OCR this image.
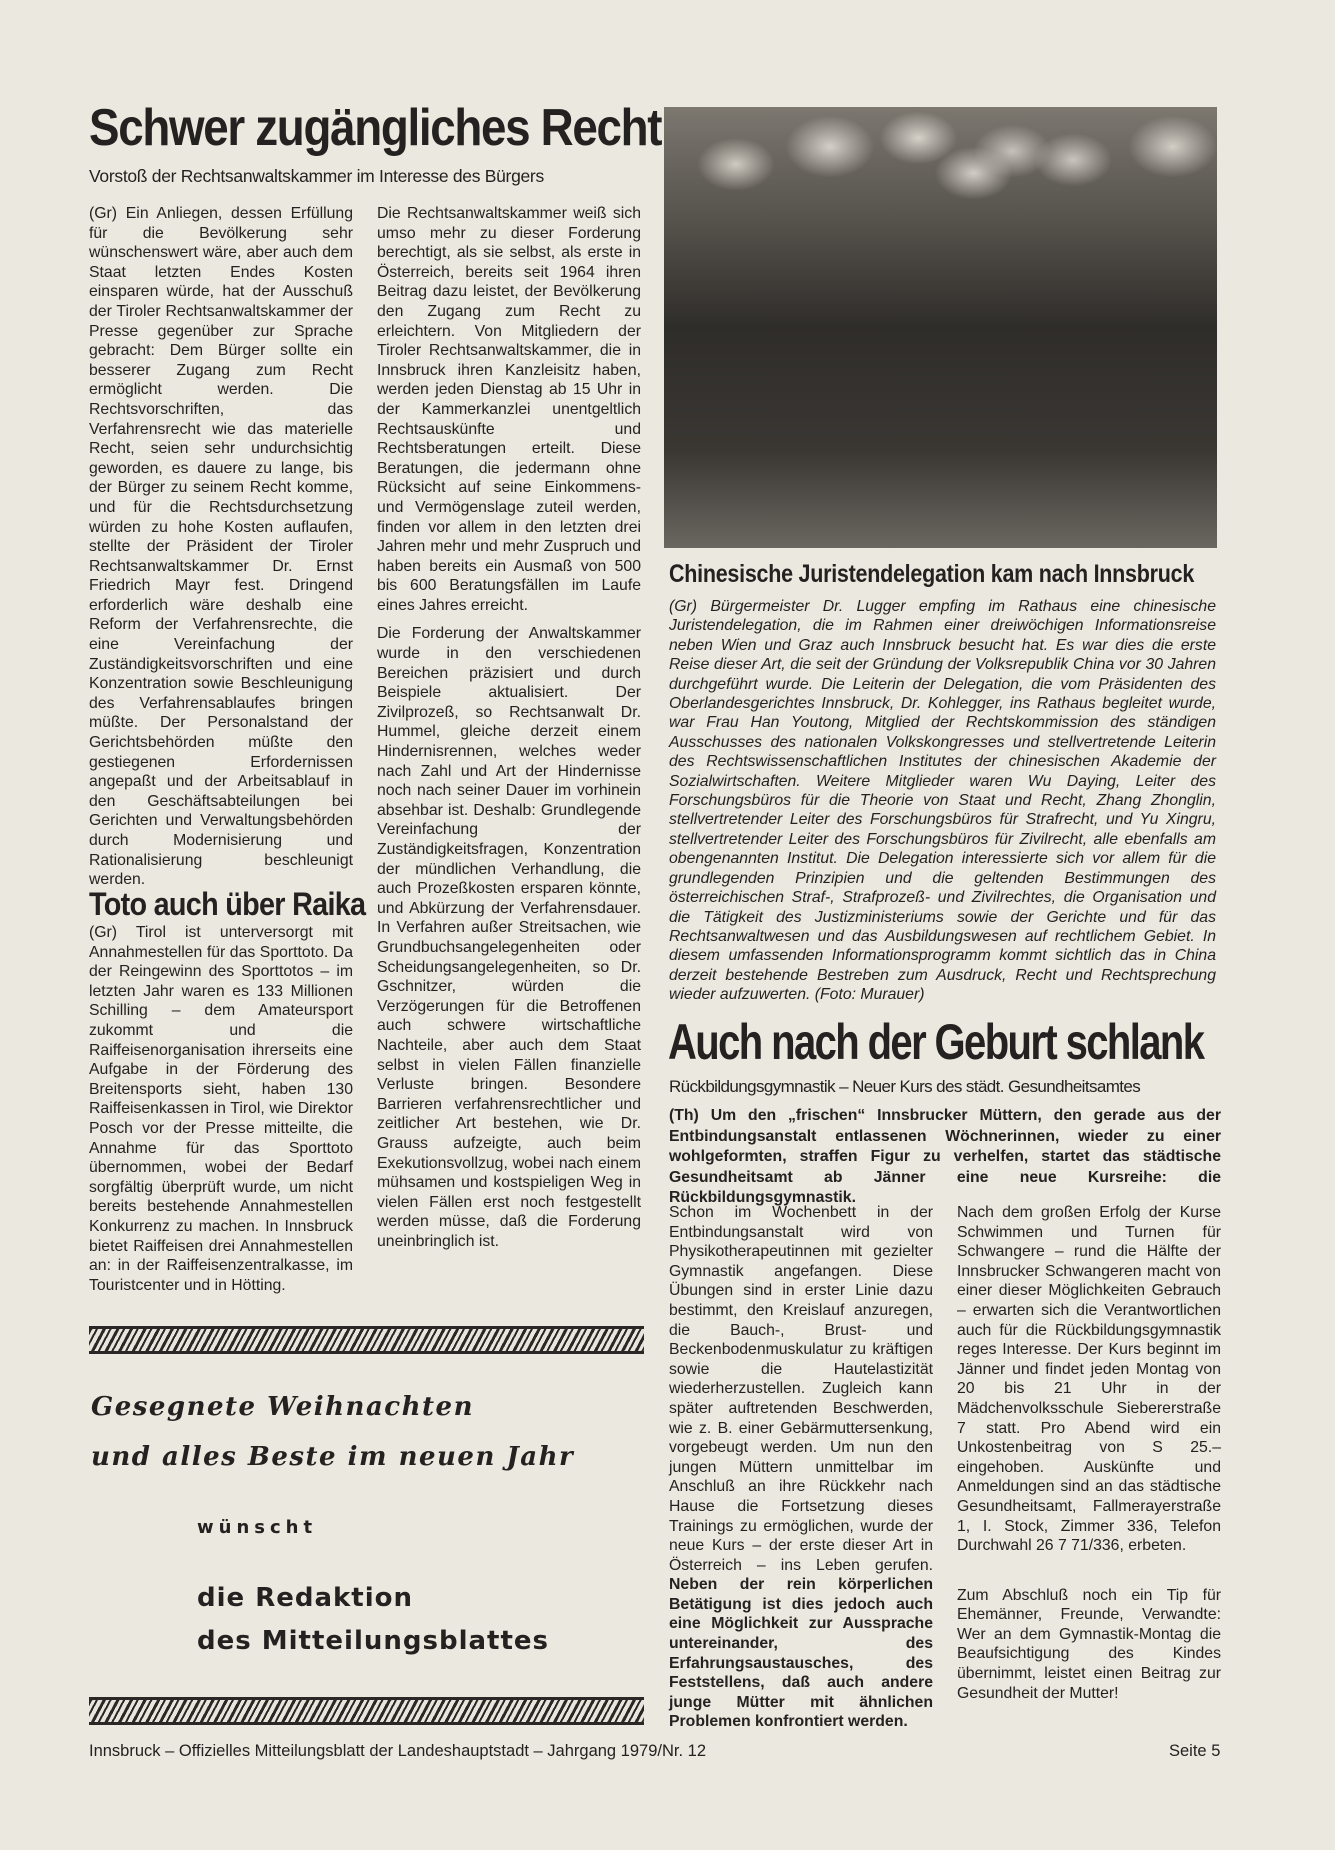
Schwer zugängliches Recht
Vorstoß der Rechtsanwaltskammer im Interesse des Bürgers

(Gr) Ein Anliegen, dessen Erfüllung für die Bevölkerung sehr wünschenswert wäre, aber auch dem Staat letzten Endes Kosten einsparen würde, hat der Ausschuß der Tiroler Rechtsanwaltskammer der Presse gegenüber zur Sprache gebracht: Dem Bürger sollte ein besserer Zugang zum Recht ermöglicht werden. Die Rechtsvorschriften, das Verfahrensrecht wie das materielle Recht, seien sehr undurchsichtig geworden, es dauere zu lange, bis der Bürger zu seinem Recht komme, und für die Rechtsdurchsetzung würden zu hohe Kosten auflaufen, stellte der Präsident der Tiroler Rechtsanwaltskammer Dr. Ernst Friedrich Mayr fest. Dringend erforderlich wäre deshalb eine Reform der Verfahrensrechte, die eine Vereinfachung der Zuständigkeitsvorschriften und eine Konzentration sowie Beschleunigung des Verfahrensablaufes bringen müßte. Der Personalstand der Gerichtsbehörden müßte den gestiegenen Erfordernissen angepaßt und der Arbeitsablauf in den Geschäftsabteilungen bei Gerichten und Verwaltungsbehörden durch Modernisierung und Rationalisierung beschleunigt werden.

Die Rechtsanwaltskammer weiß sich umso mehr zu dieser Forderung berechtigt, als sie selbst, als erste in Österreich, bereits seit 1964 ihren Beitrag dazu leistet, der Bevölkerung den Zugang zum Recht zu erleichtern. Von Mitgliedern der Tiroler Rechtsanwaltskammer, die in Innsbruck ihren Kanzleisitz haben, werden jeden Dienstag ab 15 Uhr in der Kammerkanzlei unentgeltlich Rechtsauskünfte und Rechtsberatungen erteilt. Diese Beratungen, die jedermann ohne Rücksicht auf seine Einkommens- und Vermögenslage zuteil werden, finden vor allem in den letzten drei Jahren mehr und mehr Zuspruch und haben bereits ein Ausmaß von 500 bis 600 Beratungsfällen im Laufe eines Jahres erreicht.

Die Forderung der Anwaltskammer wurde in den verschiedenen Bereichen präzisiert und durch Beispiele aktualisiert. Der Zivilprozeß, so Rechtsanwalt Dr. Hummel, gleiche derzeit einem Hindernisrennen, welches weder nach Zahl und Art der Hindernisse noch nach seiner Dauer im vorhinein absehbar ist. Deshalb: Grundlegende Vereinfachung der Zuständigkeitsfragen, Konzentration der mündlichen Verhandlung, die auch Prozeßkosten ersparen könnte, und Abkürzung der Verfahrensdauer. In Verfahren außer Streitsachen, wie Grundbuchsangelegenheiten oder Scheidungsangelegenheiten, so Dr. Gschnitzer, würden die Verzögerungen für die Betroffenen auch schwere wirtschaftliche Nachteile, aber auch dem Staat selbst in vielen Fällen finanzielle Verluste bringen. Besondere Barrieren verfahrensrechtlicher und zeitlicher Art bestehen, wie Dr. Grauss aufzeigte, auch beim Exekutionsvollzug, wobei nach einem mühsamen und kostspieligen Weg in vielen Fällen erst noch festgestellt werden müsse, daß die Forderung uneinbringlich ist.

Toto auch über Raika

(Gr) Tirol ist unterversorgt mit Annahmestellen für das Sporttoto. Da der Reingewinn des Sporttotos – im letzten Jahr waren es 133 Millionen Schilling – dem Amateursport zukommt und die Raiffeisenorganisation ihrerseits eine Aufgabe in der Förderung des Breitensports sieht, haben 130 Raiffeisenkassen in Tirol, wie Direktor Posch vor der Presse mitteilte, die Annahme für das Sporttoto übernommen, wobei der Bedarf sorgfältig überprüft wurde, um nicht bereits bestehende Annahmestellen Konkurrenz zu machen. In Innsbruck bietet Raiffeisen drei Annahmestellen an: in der Raiffeisenzentralkasse, im Touristcenter und in Hötting.

Chinesische Juristendelegation kam nach Innsbruck
(Gr) Bürgermeister Dr. Lugger empfing im Rathaus eine chinesische Juristendelegation, die im Rahmen einer dreiwöchigen Informationsreise neben Wien und Graz auch Innsbruck besucht hat. Es war dies die erste Reise dieser Art, die seit der Gründung der Volksrepublik China vor 30 Jahren durchgeführt wurde. Die Leiterin der Delegation, die vom Präsidenten des Oberlandesgerichtes Innsbruck, Dr. Kohlegger, ins Rathaus begleitet wurde, war Frau Han Youtong, Mitglied der Rechtskommission des ständigen Ausschusses des nationalen Volkskongresses und stellvertretende Leiterin des Rechtswissenschaftlichen Institutes der chinesischen Akademie der Sozialwirtschaften. Weitere Mitglieder waren Wu Daying, Leiter des Forschungsbüros für die Theorie von Staat und Recht, Zhang Zhonglin, stellvertretender Leiter des Forschungsbüros für Strafrecht, und Yu Xingru, stellvertretender Leiter des Forschungsbüros für Zivilrecht, alle ebenfalls am obengenannten Institut. Die Delegation interessierte sich vor allem für die grundlegenden Prinzipien und die geltenden Bestimmungen des österreichischen Straf-, Strafprozeß- und Zivilrechtes, die Organisation und die Tätigkeit des Justizministeriums sowie der Gerichte und für das Rechtsanwaltwesen und das Ausbildungswesen auf rechtlichem Gebiet. In diesem umfassenden Informationsprogramm kommt sichtlich das in China derzeit bestehende Bestreben zum Ausdruck, Recht und Rechtsprechung wieder aufzuwerten. (Foto: Murauer)
Auch nach der Geburt schlank
Rückbildungsgymnastik – Neuer Kurs des städt. Gesundheitsamtes
(Th) Um den „frischen“ Innsbrucker Müttern, den gerade aus der Entbindungsanstalt entlassenen Wöchnerinnen, wieder zu einer wohlgeformten, straffen Figur zu verhelfen, startet das städtische Gesundheitsamt ab Jänner eine neue Kursreihe: die Rückbildungsgymnastik.
Schon im Wochenbett in der Entbindungsanstalt wird von Physikotherapeutinnen mit gezielter Gymnastik angefangen. Diese Übungen sind in erster Linie dazu bestimmt, den Kreislauf anzuregen, die Bauch-, Brust- und Beckenbodenmuskulatur zu kräftigen sowie die Hautelastizität wiederherzustellen. Zugleich kann später auftretenden Beschwerden, wie z. B. einer Gebärmuttersenkung, vorgebeugt werden. Um nun den jungen Müttern unmittelbar im Anschluß an ihre Rückkehr nach Hause die Fortsetzung dieses Trainings zu ermöglichen, wurde der neue Kurs – der erste dieser Art in Österreich – ins Leben gerufen. Neben der rein körperlichen Betätigung ist dies jedoch auch eine Möglichkeit zur Aussprache untereinander, des Erfahrungsaustausches, des Feststellens, daß auch andere junge Mütter mit ähnlichen Problemen konfrontiert werden.

Nach dem großen Erfolg der Kurse Schwimmen und Turnen für Schwangere – rund die Hälfte der Innsbrucker Schwangeren macht von einer dieser Möglichkeiten Gebrauch – erwarten sich die Verantwortlichen auch für die Rückbildungsgymnastik reges Interesse. Der Kurs beginnt im Jänner und findet jeden Montag von 20 bis 21 Uhr in der Mädchenvolksschule Siebererstraße 7 statt. Pro Abend wird ein Unkostenbeitrag von S 25.– eingehoben. Auskünfte und Anmeldungen sind an das städtische Gesundheitsamt, Fallmerayerstraße 1, I. Stock, Zimmer 336, Telefon Durchwahl 26 7 71/336, erbeten.

Zum Abschluß noch ein Tip für Ehemänner, Freunde, Verwandte: Wer an dem Gymnastik-Montag die Beaufsichtigung des Kindes übernimmt, leistet einen Beitrag zur Gesundheit der Mutter!

Gesegnete Weihnachten
und alles Beste im neuen Jahr
wünscht
die Redaktion
des Mitteilungsblattes
Innsbruck – Offizielles Mitteilungsblatt der Landeshauptstadt – Jahrgang 1979/Nr. 12	Seite 5
